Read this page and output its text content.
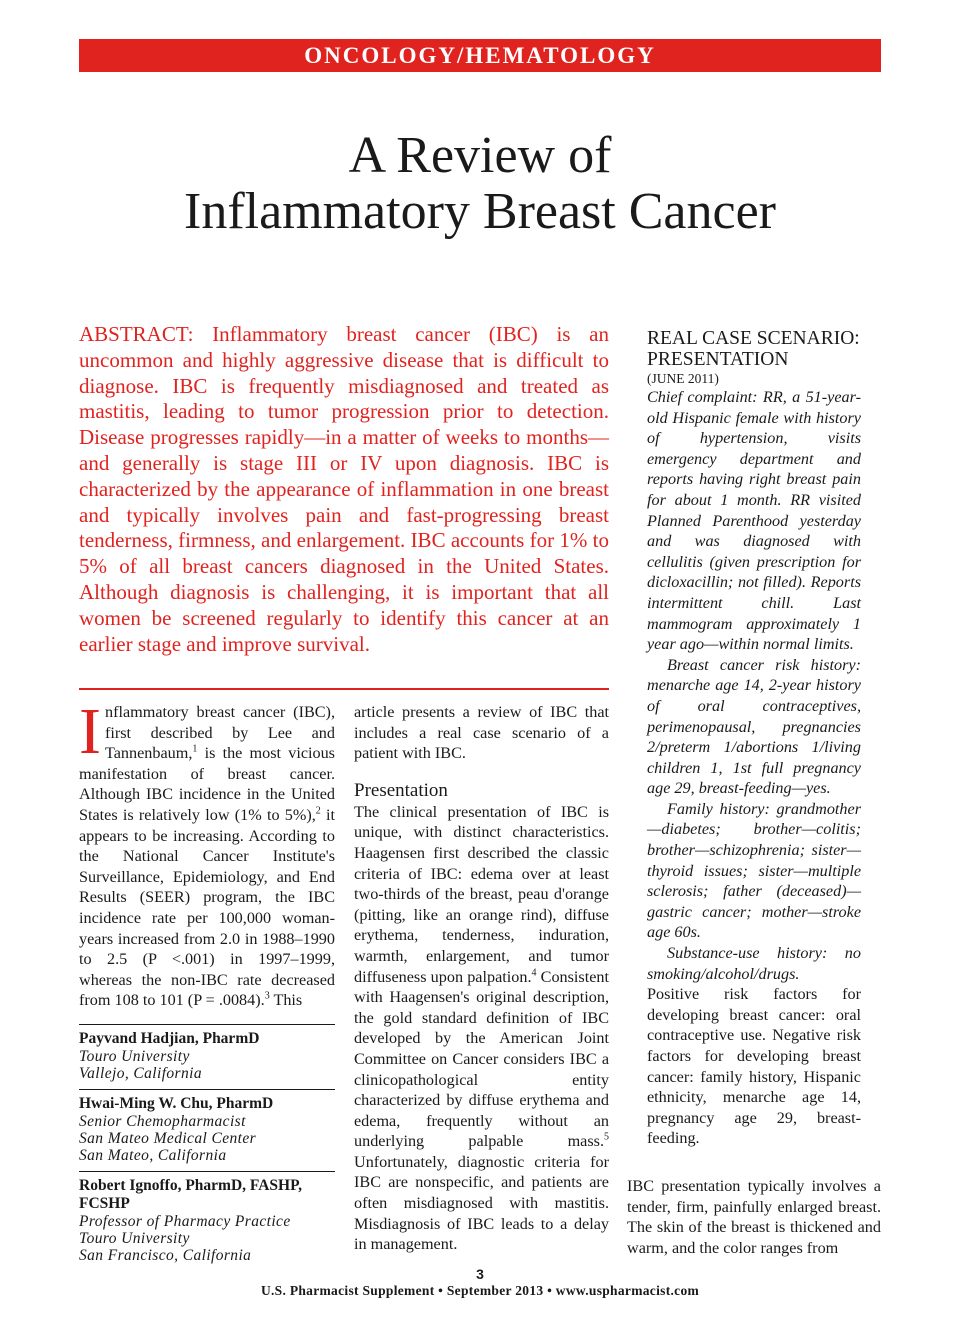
ONCOLOGY/HEMATOLOGY
A Review of
Inflammatory Breast Cancer
ABSTRACT: Inflammatory breast cancer (IBC) is an uncommon and highly aggressive disease that is difficult to diagnose. IBC is frequently misdiagnosed and treated as mastitis, leading to tumor progression prior to detection. Disease progresses rapidly—in a matter of weeks to months—and generally is stage III or IV upon diagnosis. IBC is characterized by the appearance of inflammation in one breast and typically involves pain and fast-progressing breast tenderness, firmness, and enlargement. IBC accounts for 1% to 5% of all breast cancers diagnosed in the United States. Although diagnosis is challenging, it is important that all women be screened regularly to identify this cancer at an earlier stage and improve survival.

Inflammatory breast cancer (IBC), first described by Lee and Tannenbaum,$^1$ is the most vicious manifestation of breast cancer. Although IBC incidence in the United States is relatively low (1% to 5%),$^2$ it appears to be increasing. According to the National Cancer Institute's Surveillance, Epidemiology, and End Results (SEER) program, the IBC incidence rate per 100,000 woman-years increased from 2.0 in 1988–1990 to 2.5 (P <.001) in 1997–1999, whereas the non-IBC rate decreased from 108 to 101 (P = .0084).$^3$ This

Payvand Hadjian, PharmD
Touro University
Vallejo, California
Hwai-Ming W. Chu, PharmD
Senior Chemopharmacist
San Mateo Medical Center
San Mateo, California
Robert Ignoffo, PharmD, FASHP, FCSHP
Professor of Pharmacy Practice
Touro University
San Francisco, California

article presents a review of IBC that includes a real case scenario of a patient with IBC.

Presentation

The clinical presentation of IBC is unique, with distinct characteristics. Haagensen first described the classic criteria of IBC: edema over at least two-thirds of the breast, peau d'orange (pitting, like an orange rind), diffuse erythema, tenderness, induration, warmth, enlargement, and tumor diffuseness upon palpation.$^4$ Consistent with Haagensen's original description, the gold standard definition of IBC developed by the American Joint Committee on Cancer considers IBC a clinicopathological entity characterized by diffuse erythema and edema, frequently without an underlying palpable mass.$^5$ Unfortunately, diagnostic criteria for IBC are nonspecific, and patients are often misdiagnosed with mastitis. Misdiagnosis of IBC leads to a delay in management.

REAL CASE SCENARIO: PRESENTATION
(JUNE 2011)
Chief complaint: RR, a 51-year-old Hispanic female with history of hypertension, visits emergency department and reports having right breast pain for about 1 month. RR visited Planned Parenthood yesterday and was diagnosed with cellulitis (given prescription for dicloxacillin; not filled). Reports intermittent chill. Last mammogram approximately 1 year ago—within normal limits.
Breast cancer risk history: menarche age 14, 2-year history of oral contraceptives, perimenopausal, pregnancies 2/preterm 1/abortions 1/living children 1, 1st full pregnancy age 29, breast-feeding—yes.
Family history: grandmother—diabetes; brother—colitis; brother—schizophrenia; sister—thyroid issues; sister—multiple sclerosis; father (deceased)—gastric cancer; mother—stroke age 60s.
Substance-use history: no smoking/alcohol/drugs.
Positive risk factors for developing breast cancer: oral contraceptive use. Negative risk factors for developing breast cancer: family history, Hispanic ethnicity, menarche age 14, pregnancy age 29, breast-feeding.
IBC presentation typically involves a tender, firm, painfully enlarged breast. The skin of the breast is thickened and warm, and the color ranges from
3
U.S. Pharmacist Supplement • September 2013 • www.uspharmacist.com
